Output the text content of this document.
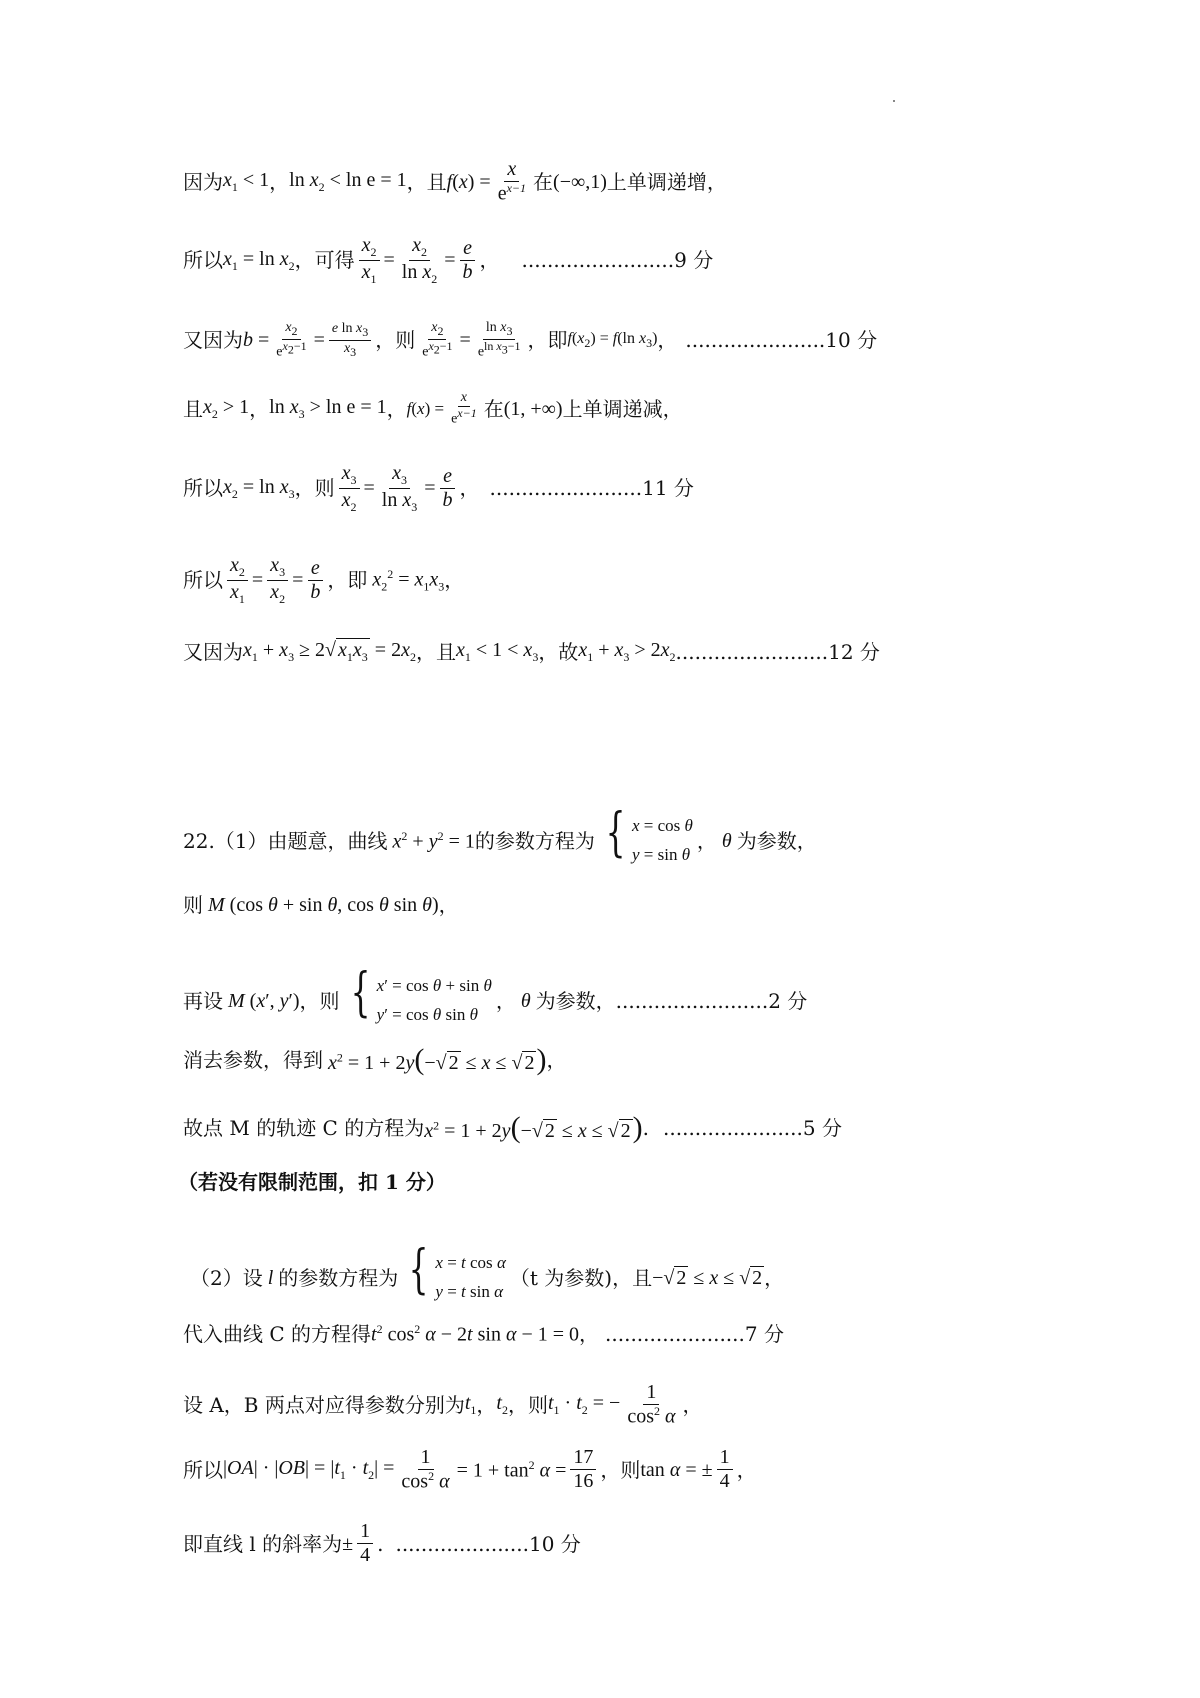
因为 $x_1 < 1$ ， $\ln x_2 < \ln e = 1$ ，且 $f(x) = \frac{x}{e^{x-1}}$ 在 (−∞,1) 上单调递增，
所以 $x_1 = \ln x_2$ ，可得 $\frac{x_2}{x_1} = \frac{x_2}{\ln x_2} = \frac{e}{b}$ ， ........................9 分
又因为 $b = \frac{x_2}{e^{x_2-1}} = \frac{e \ln x_3}{x_3}$ ，则 $\frac{x_2}{e^{x_2-1}} = \frac{\ln x_3}{e^{ln x_3-1}}$ ，即 $f(x_2) = f(\ln$ $x_3$) ， ......................10 分
且 $x_2 > 1$ ， $\ln x_3 > \ln e = 1$ ， $f(x) = \frac{x}{e^{x-1}}$ 在 (1, +∞) 上单调递减，
所以 $x_2 = \ln x_3$ ，则 $\frac{x_3}{x_2} = \frac{x_3}{\ln x_3} = \frac{e}{b}$ ， ........................11 分
所以 $\frac{x_2}{x_1} = \frac{x_3}{x_2} = \frac{e}{b}$ ，即 $x_2^2 = x_1x_3$ ，
又因为 $x_1 + x_3 \ge 2√$ $x_1x_3 = 2x_2$ ，且 $x_1 < 1 < x_3$ ，故 $x_1 + x_3 > 2x_2$ ........................12 分
22.（1）由题意，曲线 $x^2 + y^2 = 1$ 的参数方程为 { x = cos θ
y = sin θ
， θ 为参数，
则 M (cos θ + sin θ, cos θ sin θ) ，
再设 M (x′, y′) ，则 { x′ = cos θ + sin θ
y′ = cos θ sin θ
， θ 为参数， ........................2 分
消去参数，得到 $x^2 = 1 + 2y(-√$ 2 ≤ x ≤ √ 2) ，
故点 M 的轨迹 C 的方程为 $x^2 = 1 + 2y(-√$ 2 ≤ x ≤ √ 2) . ......................5 分
（若没有限制范围，扣 1 分）
（2）设 l 的参数方程为 { x = t cos α
y = t sin α
（t 为参数)，且 −√ 2 ≤ x ≤ √ 2 ，
代入曲线 C 的方程得 $t^2$ $\cos^2 \alpha - 2t$ sin α − 1 = 0 ， ......................7 分
设 A，B 两点对应得参数分别为 $t_1$ ， $t_2$ ，则 $t_1 \cdot t_2$ = − $\frac{1}{\cos^2 \alpha}$ ，
所以 $|OA| \cdot |OB| = |t_1 \cdot t_2| = \frac{1}{\cos^2 \alpha} = 1 + \tan^2 \alpha = \frac{17}{16}$ ，则 tan α = ± $\frac{1}{4}$ ，
即直线 l 的斜率为 ± $\frac{1}{4}$ . .....................10 分
